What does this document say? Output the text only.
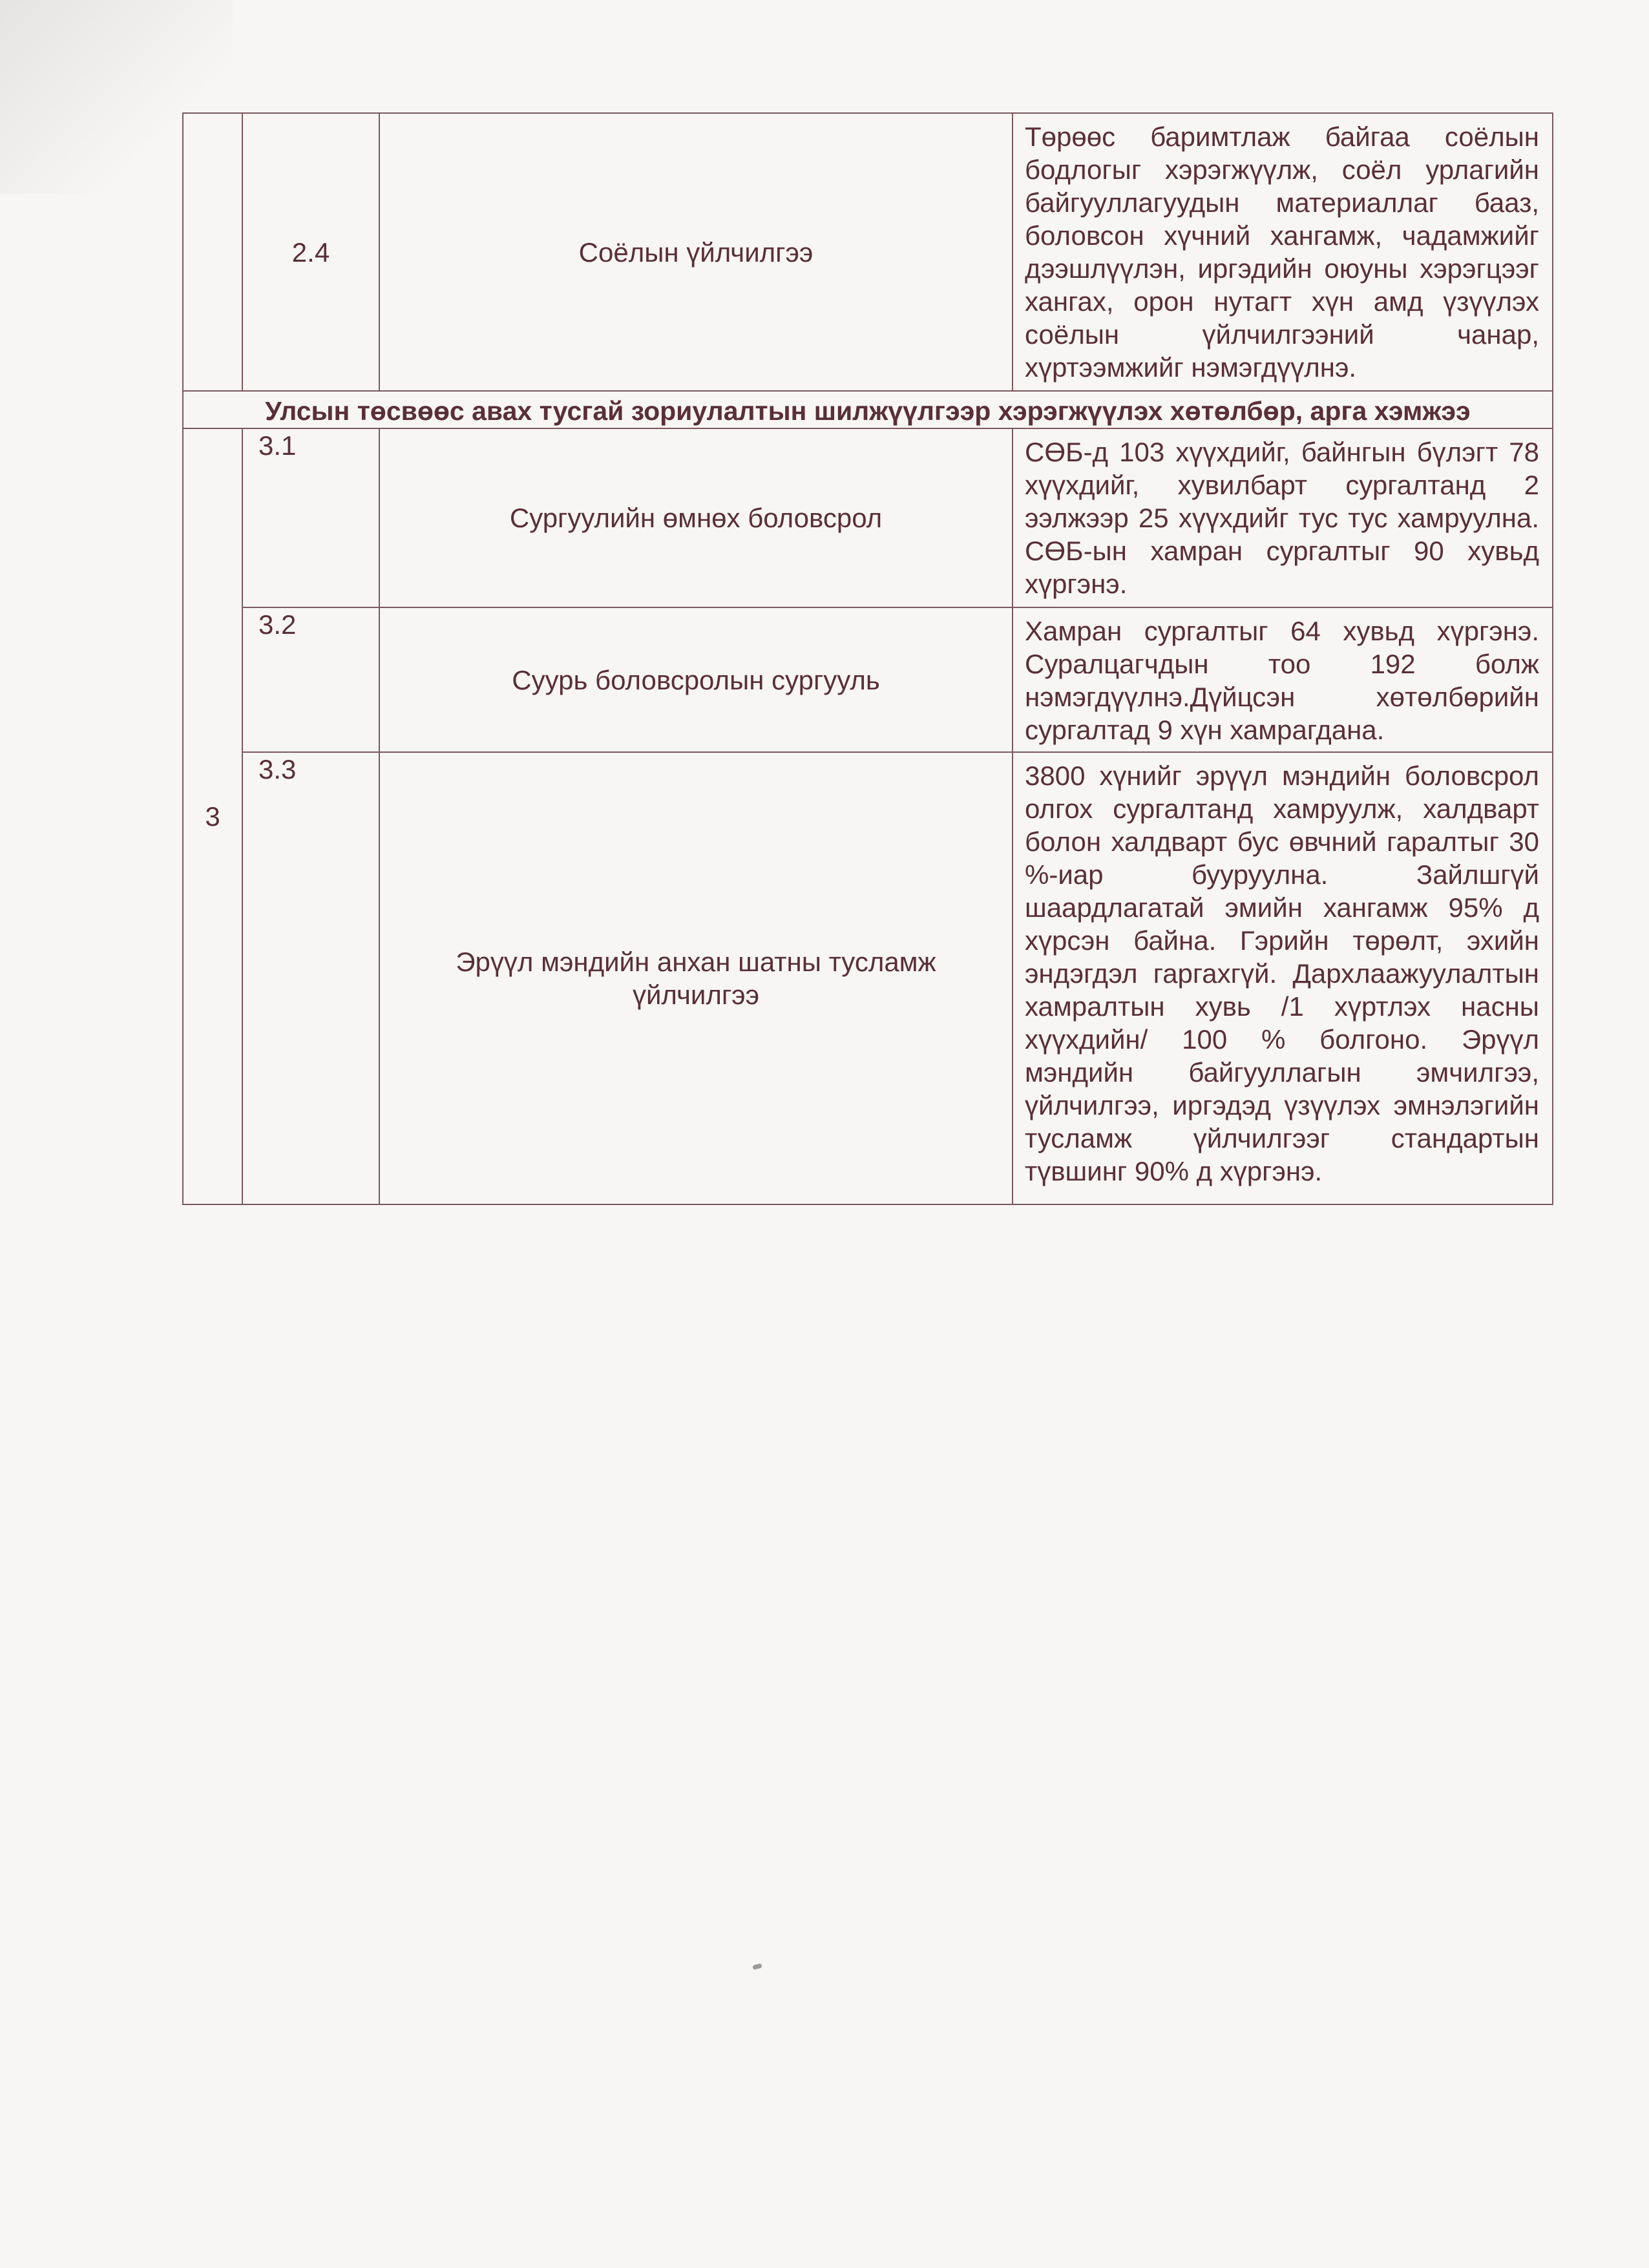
	2.4	Соёлын үйлчилгээ	Төрөөс баримтлаж байгаа соёлын бодлогыг хэрэгжүүлж, соёл урлагийн байгууллагуудын материаллаг бааз, боловсон хүчний хангамж, чадамжийг дээшлүүлэн, иргэдийн оюуны хэрэгцээг хангах, орон нутагт хүн амд үзүүлэх соёлын үйлчилгээний чанар, хүртээмжийг нэмэгдүүлнэ.
Улсын төсвөөс авах тусгай зориулалтын шилжүүлгээр хэрэгжүүлэх хөтөлбөр, арга хэмжээ			
3	3.1	Сургуулийн өмнөх боловсрол	СӨБ-д 103 хүүхдийг, байнгын бүлэгт 78 хүүхдийг, хувилбарт сургалтанд 2 ээлжээр 25 хүүхдийг тус тус хамруулна. СӨБ-ын хамран сургалтыг 90 хувьд хүргэнэ.
	3.2	Суурь боловсролын сургууль	Хамран сургалтыг 64 хувьд хүргэнэ. Суралцагчдын тоо 192 болж нэмэгдүүлнэ.Дүйцсэн хөтөлбөрийн сургалтад 9 хүн хамрагдана.
	3.3	Эрүүл мэндийн анхан шатны тусламж үйлчилгээ	3800 хүнийг эрүүл мэндийн боловсрол олгох сургалтанд хамруулж, халдварт болон халдварт бус өвчний гаралтыг 30 %-иар бууруулна. Зайлшгүй шаардлагатай эмийн хангамж 95% д хүрсэн байна. Гэрийн төрөлт, эхийн эндэгдэл гаргахгүй. Дархлаажуулалтын хамралтын хувь /1 хүртлэх насны хүүхдийн/ 100 % болгоно. Эрүүл мэндийн байгууллагын эмчилгээ, үйлчилгээ, иргэдэд үзүүлэх эмнэлэгийн тусламж үйлчилгээг стандартын түвшинг 90% д хүргэнэ.
